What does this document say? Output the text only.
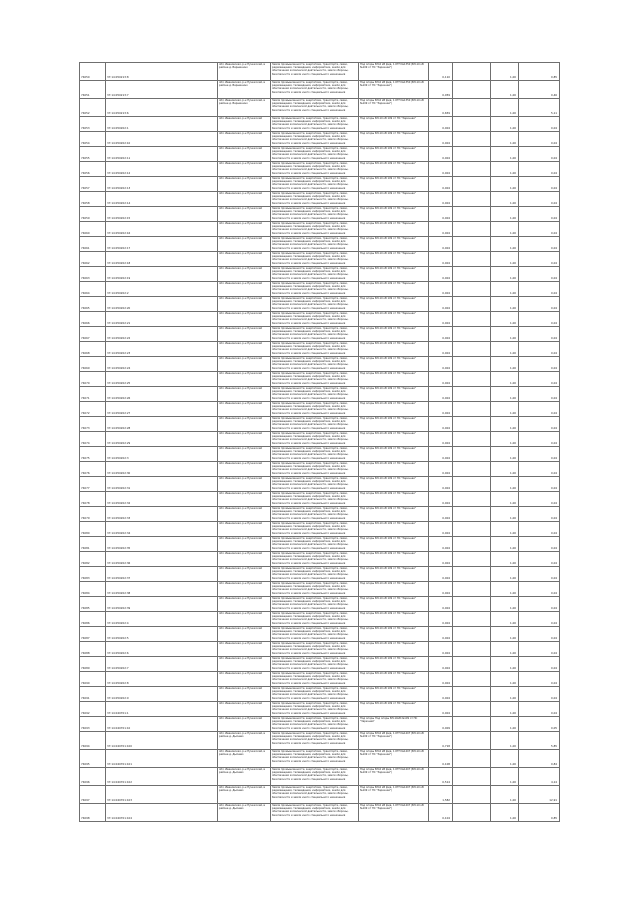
74050	37:14:050213:8	обл. Ивановская, р-н Пучежский, в районе д. Вершинино	Земли промышленности, энергетики, транспорта, связи, радиовещания, телевидения, информатики, земли для обеспечения космической деятельности, земли обороны, безопасности и земли иного специального назначения	Под опоры ВЛ-6 кВ фид. 1 КТП №1350 (ВЛ-10 кВ №109 от ПС "Заречная")	0,110		1,00	0,85
74051	37:14:050213:7	обл. Ивановская, р-н Пучежский, в районе д. Вершинино	Земли промышленности, энергетики, транспорта, связи, радиовещания, телевидения, информатики, земли для обеспечения космической деятельности, земли обороны, безопасности и земли иного специального назначения	Под опоры ВЛ-6 кВ фид. 1 КТП №1350 (ВЛ-10 кВ №109 от ПС "Заречная")	0,059		1,00	0,46
74052	37:14:050213:6	обл. Ивановская, р-н Пучежский, в районе д. Вершинино	Земли промышленности, энергетики, транспорта, связи, радиовещания, телевидения, информатики, земли для обеспечения космической деятельности, земли обороны, безопасности и земли иного специального назначения	Под опоры ВЛ-6 кВ фид. 1 КТП №1350 (ВЛ-10 кВ №109 от ПС "Заречная")	0,659		1,00	5,11
74053	37:14:050202:1	обл. Ивановская, р-н Пучежский	Земли промышленности, энергетики, транспорта, связи, радиовещания, телевидения, информатики, земли для обеспечения космической деятельности, земли обороны, безопасности и земли иного специального назначения	Под опоры ВЛ-10 кВ 109 от ПС "Заречная"	0,004		1,00	0,04
74054	37:14:050202:10	обл. Ивановская, р-н Пучежский	Земли промышленности, энергетики, транспорта, связи, радиовещания, телевидения, информатики, земли для обеспечения космической деятельности, земли обороны, безопасности и земли иного специального назначения	Под опоры ВЛ-10 кВ 109 от ПС "Заречная"	0,004		1,00	0,04
74055	37:14:050202:11	обл. Ивановская, р-н Пучежский	Земли промышленности, энергетики, транспорта, связи, радиовещания, телевидения, информатики, земли для обеспечения космической деятельности, земли обороны, безопасности и земли иного специального назначения	Под опоры ВЛ-10 кВ 109 от ПС "Заречная"	0,004		1,00	0,04
74056	37:14:050202:12	обл. Ивановская, р-н Пучежский	Земли промышленности, энергетики, транспорта, связи, радиовещания, телевидения, информатики, земли для обеспечения космической деятельности, земли обороны, безопасности и земли иного специального назначения	Под опоры ВЛ-10 кВ 109 от ПС "Заречная"	0,004		1,00	0,04
74057	37:14:050202:13	обл. Ивановская, р-н Пучежский	Земли промышленности, энергетики, транспорта, связи, радиовещания, телевидения, информатики, земли для обеспечения космической деятельности, земли обороны, безопасности и земли иного специального назначения	Под опоры ВЛ-10 кВ 109 от ПС "Заречная"	0,004		1,00	0,04
74058	37:14:050202:14	обл. Ивановская, р-н Пучежский	Земли промышленности, энергетики, транспорта, связи, радиовещания, телевидения, информатики, земли для обеспечения космической деятельности, земли обороны, безопасности и земли иного специального назначения	Под опоры ВЛ-10 кВ 109 от ПС "Заречная"	0,004		1,00	0,04
74059	37:14:050202:15	обл. Ивановская, р-н Пучежский	Земли промышленности, энергетики, транспорта, связи, радиовещания, телевидения, информатики, земли для обеспечения космической деятельности, земли обороны, безопасности и земли иного специального назначения	Под опоры ВЛ-10 кВ 109 от ПС "Заречная"	0,004		1,00	0,04
74060	37:14:050202:16	обл. Ивановская, р-н Пучежский	Земли промышленности, энергетики, транспорта, связи, радиовещания, телевидения, информатики, земли для обеспечения космической деятельности, земли обороны, безопасности и земли иного специального назначения	Под опоры ВЛ-10 кВ 109 от ПС "Заречная"	0,004		1,00	0,04
74061	37:14:050202:17	обл. Ивановская, р-н Пучежский	Земли промышленности, энергетики, транспорта, связи, радиовещания, телевидения, информатики, земли для обеспечения космической деятельности, земли обороны, безопасности и земли иного специального назначения	Под опоры ВЛ-10 кВ 109 от ПС "Заречная"	0,004		1,00	0,04
74062	37:14:050202:18	обл. Ивановская, р-н Пучежский	Земли промышленности, энергетики, транспорта, связи, радиовещания, телевидения, информатики, земли для обеспечения космической деятельности, земли обороны, безопасности и земли иного специального назначения	Под опоры ВЛ-10 кВ 109 от ПС "Заречная"	0,004		1,00	0,04
74063	37:14:050202:19	обл. Ивановская, р-н Пучежский	Земли промышленности, энергетики, транспорта, связи, радиовещания, телевидения, информатики, земли для обеспечения космической деятельности, земли обороны, безопасности и земли иного специального назначения	Под опоры ВЛ-10 кВ 109 от ПС "Заречная"	0,004		1,00	0,04
74064	37:14:050202:2	обл. Ивановская, р-н Пучежский	Земли промышленности, энергетики, транспорта, связи, радиовещания, телевидения, информатики, земли для обеспечения космической деятельности, земли обороны, безопасности и земли иного специального назначения	Под опоры ВЛ-10 кВ 109 от ПС "Заречная"	0,004		1,00	0,04
74065	37:14:050202:20	обл. Ивановская, р-н Пучежский	Земли промышленности, энергетики, транспорта, связи, радиовещания, телевидения, информатики, земли для обеспечения космической деятельности, земли обороны, безопасности и земли иного специального назначения	Под опоры ВЛ-10 кВ 109 от ПС "Заречная"	0,004		1,00	0,04
74066	37:14:050202:21	обл. Ивановская, р-н Пучежский	Земли промышленности, энергетики, транспорта, связи, радиовещания, телевидения, информатики, земли для обеспечения космической деятельности, земли обороны, безопасности и земли иного специального назначения	Под опоры ВЛ-10 кВ 109 от ПС "Заречная"	0,004		1,00	0,04
74067	37:14:050202:22	обл. Ивановская, р-н Пучежский	Земли промышленности, энергетики, транспорта, связи, радиовещания, телевидения, информатики, земли для обеспечения космической деятельности, земли обороны, безопасности и земли иного специального назначения	Под опоры ВЛ-10 кВ 109 от ПС "Заречная"	0,004		1,00	0,04
74068	37:14:050202:23	обл. Ивановская, р-н Пучежский	Земли промышленности, энергетики, транспорта, связи, радиовещания, телевидения, информатики, земли для обеспечения космической деятельности, земли обороны, безопасности и земли иного специального назначения	Под опоры ВЛ-10 кВ 109 от ПС "Заречная"	0,004		1,00	0,04
74069	37:14:050202:24	обл. Ивановская, р-н Пучежский	Земли промышленности, энергетики, транспорта, связи, радиовещания, телевидения, информатики, земли для обеспечения космической деятельности, земли обороны, безопасности и земли иного специального назначения	Под опоры ВЛ-10 кВ 109 от ПС "Заречная"	0,004		1,00	0,04
74070	37:14:050202:25	обл. Ивановская, р-н Пучежский	Земли промышленности, энергетики, транспорта, связи, радиовещания, телевидения, информатики, земли для обеспечения космической деятельности, земли обороны, безопасности и земли иного специального назначения	Под опоры ВЛ-10 кВ 109 от ПС "Заречная"	0,004		1,00	0,04
74071	37:14:050202:26	обл. Ивановская, р-н Пучежский	Земли промышленности, энергетики, транспорта, связи, радиовещания, телевидения, информатики, земли для обеспечения космической деятельности, земли обороны, безопасности и земли иного специального назначения	Под опоры ВЛ-10 кВ 109 от ПС "Заречная"	0,004		1,00	0,04
74072	37:14:050202:27	обл. Ивановская, р-н Пучежский	Земли промышленности, энергетики, транспорта, связи, радиовещания, телевидения, информатики, земли для обеспечения космической деятельности, земли обороны, безопасности и земли иного специального назначения	Под опоры ВЛ-10 кВ 109 от ПС "Заречная"	0,004		1,00	0,04
74073	37:14:050202:28	обл. Ивановская, р-н Пучежский	Земли промышленности, энергетики, транспорта, связи, радиовещания, телевидения, информатики, земли для обеспечения космической деятельности, земли обороны, безопасности и земли иного специального назначения	Под опоры ВЛ-10 кВ 109 от ПС "Заречная"	0,004		1,00	0,04
74074	37:14:050202:29	обл. Ивановская, р-н Пучежский	Земли промышленности, энергетики, транспорта, связи, радиовещания, телевидения, информатики, земли для обеспечения космической деятельности, земли обороны, безопасности и земли иного специального назначения	Под опоры ВЛ-10 кВ 109 от ПС "Заречная"	0,004		1,00	0,04
74075	37:14:050202:3	обл. Ивановская, р-н Пучежский	Земли промышленности, энергетики, транспорта, связи, радиовещания, телевидения, информатики, земли для обеспечения космической деятельности, земли обороны, безопасности и земли иного специального назначения	Под опоры ВЛ-10 кВ 109 от ПС "Заречная"	0,004		1,00	0,04
74076	37:14:050202:30	обл. Ивановская, р-н Пучежский	Земли промышленности, энергетики, транспорта, связи, радиовещания, телевидения, информатики, земли для обеспечения космической деятельности, земли обороны, безопасности и земли иного специального назначения	Под опоры ВЛ-10 кВ 109 от ПС "Заречная"	0,004		1,00	0,04
74077	37:14:050202:31	обл. Ивановская, р-н Пучежский	Земли промышленности, энергетики, транспорта, связи, радиовещания, телевидения, информатики, земли для обеспечения космической деятельности, земли обороны, безопасности и земли иного специального назначения	Под опоры ВЛ-10 кВ 109 от ПС "Заречная"	0,004		1,00	0,04
74078	37:14:050202:32	обл. Ивановская, р-н Пучежский	Земли промышленности, энергетики, транспорта, связи, радиовещания, телевидения, информатики, земли для обеспечения космической деятельности, земли обороны, безопасности и земли иного специального назначения	Под опоры ВЛ-10 кВ 109 от ПС "Заречная"	0,004		1,00	0,04
74079	37:14:050202:33	обл. Ивановская, р-н Пучежский	Земли промышленности, энергетики, транспорта, связи, радиовещания, телевидения, информатики, земли для обеспечения космической деятельности, земли обороны, безопасности и земли иного специального назначения	Под опоры ВЛ-10 кВ 109 от ПС "Заречная"	0,004		1,00	0,04
74080	37:14:050202:34	обл. Ивановская, р-н Пучежский	Земли промышленности, энергетики, транспорта, связи, радиовещания, телевидения, информатики, земли для обеспечения космической деятельности, земли обороны, безопасности и земли иного специального назначения	Под опоры ВЛ-10 кВ 109 от ПС "Заречная"	0,004		1,00	0,04
74081	37:14:050202:35	обл. Ивановская, р-н Пучежский	Земли промышленности, энергетики, транспорта, связи, радиовещания, телевидения, информатики, земли для обеспечения космической деятельности, земли обороны, безопасности и земли иного специального назначения	Под опоры ВЛ-10 кВ 109 от ПС "Заречная"	0,004		1,00	0,04
74082	37:14:050202:36	обл. Ивановская, р-н Пучежский	Земли промышленности, энергетики, транспорта, связи, радиовещания, телевидения, информатики, земли для обеспечения космической деятельности, земли обороны, безопасности и земли иного специального назначения	Под опоры ВЛ-10 кВ 109 от ПС "Заречная"	0,004		1,00	0,04
74083	37:14:050202:37	обл. Ивановская, р-н Пучежский	Земли промышленности, энергетики, транспорта, связи, радиовещания, телевидения, информатики, земли для обеспечения космической деятельности, земли обороны, безопасности и земли иного специального назначения	Под опоры ВЛ-10 кВ 109 от ПС "Заречная"	0,004		1,00	0,04
74084	37:14:050202:38	обл. Ивановская, р-н Пучежский	Земли промышленности, энергетики, транспорта, связи, радиовещания, телевидения, информатики, земли для обеспечения космической деятельности, земли обороны, безопасности и земли иного специального назначения	Под опоры ВЛ-10 кВ 109 от ПС "Заречная"	0,004		1,00	0,04
74085	37:14:050202:39	обл. Ивановская, р-н Пучежский	Земли промышленности, энергетики, транспорта, связи, радиовещания, телевидения, информатики, земли для обеспечения космической деятельности, земли обороны, безопасности и земли иного специального назначения	Под опоры ВЛ-10 кВ 109 от ПС "Заречная"	0,004		1,00	0,04
74086	37:14:050202:4	обл. Ивановская, р-н Пучежский	Земли промышленности, энергетики, транспорта, связи, радиовещания, телевидения, информатики, земли для обеспечения космической деятельности, земли обороны, безопасности и земли иного специального назначения	Под опоры ВЛ-10 кВ 109 от ПС "Заречная"	0,004		1,00	0,04
74087	37:14:050202:5	обл. Ивановская, р-н Пучежский	Земли промышленности, энергетики, транспорта, связи, радиовещания, телевидения, информатики, земли для обеспечения космической деятельности, земли обороны, безопасности и земли иного специального назначения	Под опоры ВЛ-10 кВ 109 от ПС "Заречная"	0,004		1,00	0,04
74088	37:14:050202:6	обл. Ивановская, р-н Пучежский	Земли промышленности, энергетики, транспорта, связи, радиовещания, телевидения, информатики, земли для обеспечения космической деятельности, земли обороны, безопасности и земли иного специального назначения	Под опоры ВЛ-10 кВ 109 от ПС "Заречная"	0,004		1,00	0,04
74089	37:14:050202:7	обл. Ивановская, р-н Пучежский	Земли промышленности, энергетики, транспорта, связи, радиовещания, телевидения, информатики, земли для обеспечения космической деятельности, земли обороны, безопасности и земли иного специального назначения	Под опоры ВЛ-10 кВ 109 от ПС "Заречная"	0,004		1,00	0,04
74090	37:14:050202:8	обл. Ивановская, р-н Пучежский	Земли промышленности, энергетики, транспорта, связи, радиовещания, телевидения, информатики, земли для обеспечения космической деятельности, земли обороны, безопасности и земли иного специального назначения	Под опоры ВЛ-10 кВ 109 от ПС "Заречная"	0,004		1,00	0,04
74091	37:14:050202:9	обл. Ивановская, р-н Пучежский	Земли промышленности, энергетики, транспорта, связи, радиовещания, телевидения, информатики, земли для обеспечения космической деятельности, земли обороны, безопасности и земли иного специального назначения	Под опоры ВЛ-10 кВ 109 от ПС "Заречная"	0,004		1,00	0,04
74092	37:14:040701:1	обл. Ивановская, р-н Пучежский	Земли промышленности, энергетики, транспорта, связи, радиовещания, телевидения, информатики, земли для обеспечения космической деятельности, земли обороны, безопасности и земли иного специального назначения	Под опоры ВЛ-10 кВ 109 от ПС "Заречная"	0,004		1,00	0,04
74093	37:14:040701:10	обл. Ивановская, р-н Пучежский	Земли промышленности, энергетики, транспорта, связи, радиовещания, телевидения, информатики, земли для обеспечения космической деятельности, земли обороны, безопасности и земли иного специального назначения	Под опоры Под опоры ВЛ-10кВ №109 от ПС "Заречная"	0,009		1,00	0,05
74094	37:14:040701:100	обл. Ивановская, р-н Пучежский, в районе д. Дьячево	Земли промышленности, энергетики, транспорта, связи, радиовещания, телевидения, информатики, земли для обеспечения космической деятельности, земли обороны, безопасности и земли иного специального назначения	Под опоры ВЛ-6 кВ фид. 1 КТП №1407 (ВЛ-10 кВ №109 от ПС "Заречная")	0,718		1,00	5,85
74095	37:14:040701:101	обл. Ивановская, р-н Пучежский, в районе д. Дьячево	Земли промышленности, энергетики, транспорта, связи, радиовещания, телевидения, информатики, земли для обеспечения космической деятельности, земли обороны, безопасности и земли иного специального назначения	Под опоры ВЛ-6 кВ фид. 1 КТП №1407 (ВЛ-10 кВ №109 от ПС "Заречная")	0,108		1,00	0,84
74096	37:14:040701:102	обл. Ивановская, р-н Пучежский, в районе д. Дьячево	Земли промышленности, энергетики, транспорта, связи, радиовещания, телевидения, информатики, земли для обеспечения космической деятельности, земли обороны, безопасности и земли иного специального назначения	Под опоры ВЛ-6 кВ фид. 1 КТП №1407 (ВЛ-10 кВ №109 от ПС "Заречная")	0,514		1,00	4,14
74097	37:14:040701:103	обл. Ивановская, р-н Пучежский, в районе д. Дьячево	Земли промышленности, энергетики, транспорта, связи, радиовещания, телевидения, информатики, земли для обеспечения космической деятельности, земли обороны, безопасности и земли иного специального назначения	Под опоры ВЛ-6 кВ фид. 1 КТП №1407 (ВЛ-10 кВ №109 от ПС "Заречная")	1,582		1,00	12,91
74098	37:14:040701:104	обл. Ивановская, р-н Пучежский, в районе д. Дьячево	Земли промышленности, энергетики, транспорта, связи, радиовещания, телевидения, информатики, земли для обеспечения космической деятельности, земли обороны, безопасности и земли иного специального назначения	Под опоры ВЛ-6 кВ фид. 1 КТП №1407 (ВЛ-10 кВ №109 от ПС "Заречная")	0,104		1,00	0,85
